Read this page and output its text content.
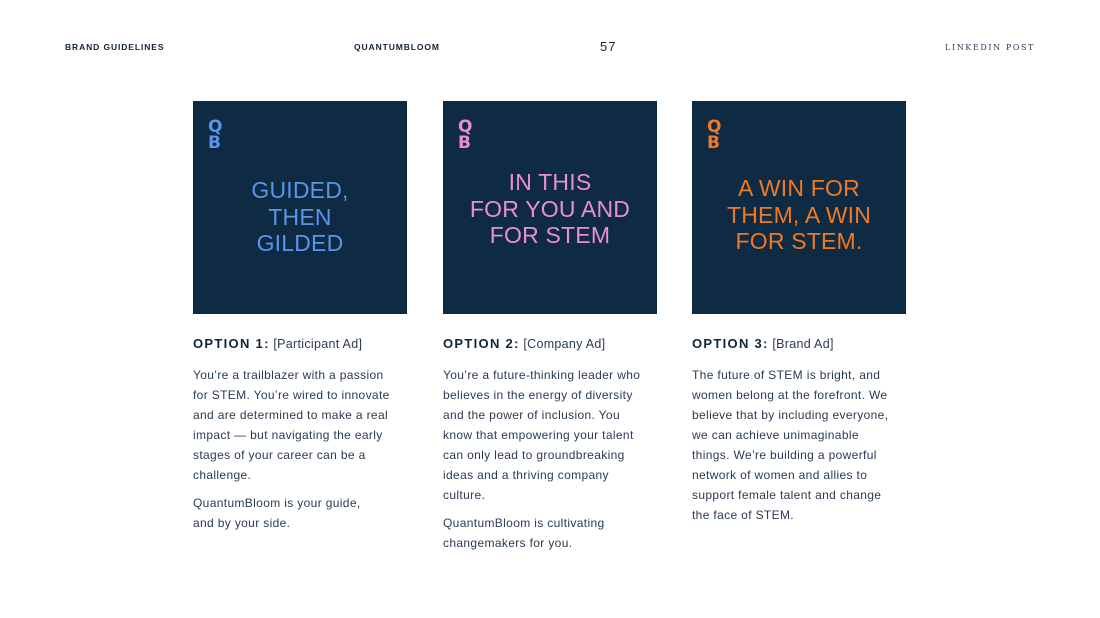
BRAND GUIDELINES	QUANTUMBLOOM	57	LINKEDIN POST
Q
B
GUIDED,
THEN
GILDED
OPTION 1: [Participant Ad]

You’re a trailblazer with a passion
for STEM. You’re wired to innovate
and are determined to make a real
impact — but navigating the early
stages of your career can be a
challenge.

QuantumBloom is your guide,
and by your side.

Q
B
IN THIS
FOR YOU AND
FOR STEM
OPTION 2: [Company Ad]

You’re a future-thinking leader who
believes in the energy of diversity
and the power of inclusion. You
know that empowering your talent
can only lead to groundbreaking
ideas and a thriving company
culture.

QuantumBloom is cultivating
changemakers for you.

Q
B
A WIN FOR
THEM, A WIN
FOR STEM.
OPTION 3: [Brand Ad]

The future of STEM is bright, and
women belong at the forefront. We
believe that by including everyone,
we can achieve unimaginable
things. We’re building a powerful
network of women and allies to
support female talent and change
the face of STEM.
